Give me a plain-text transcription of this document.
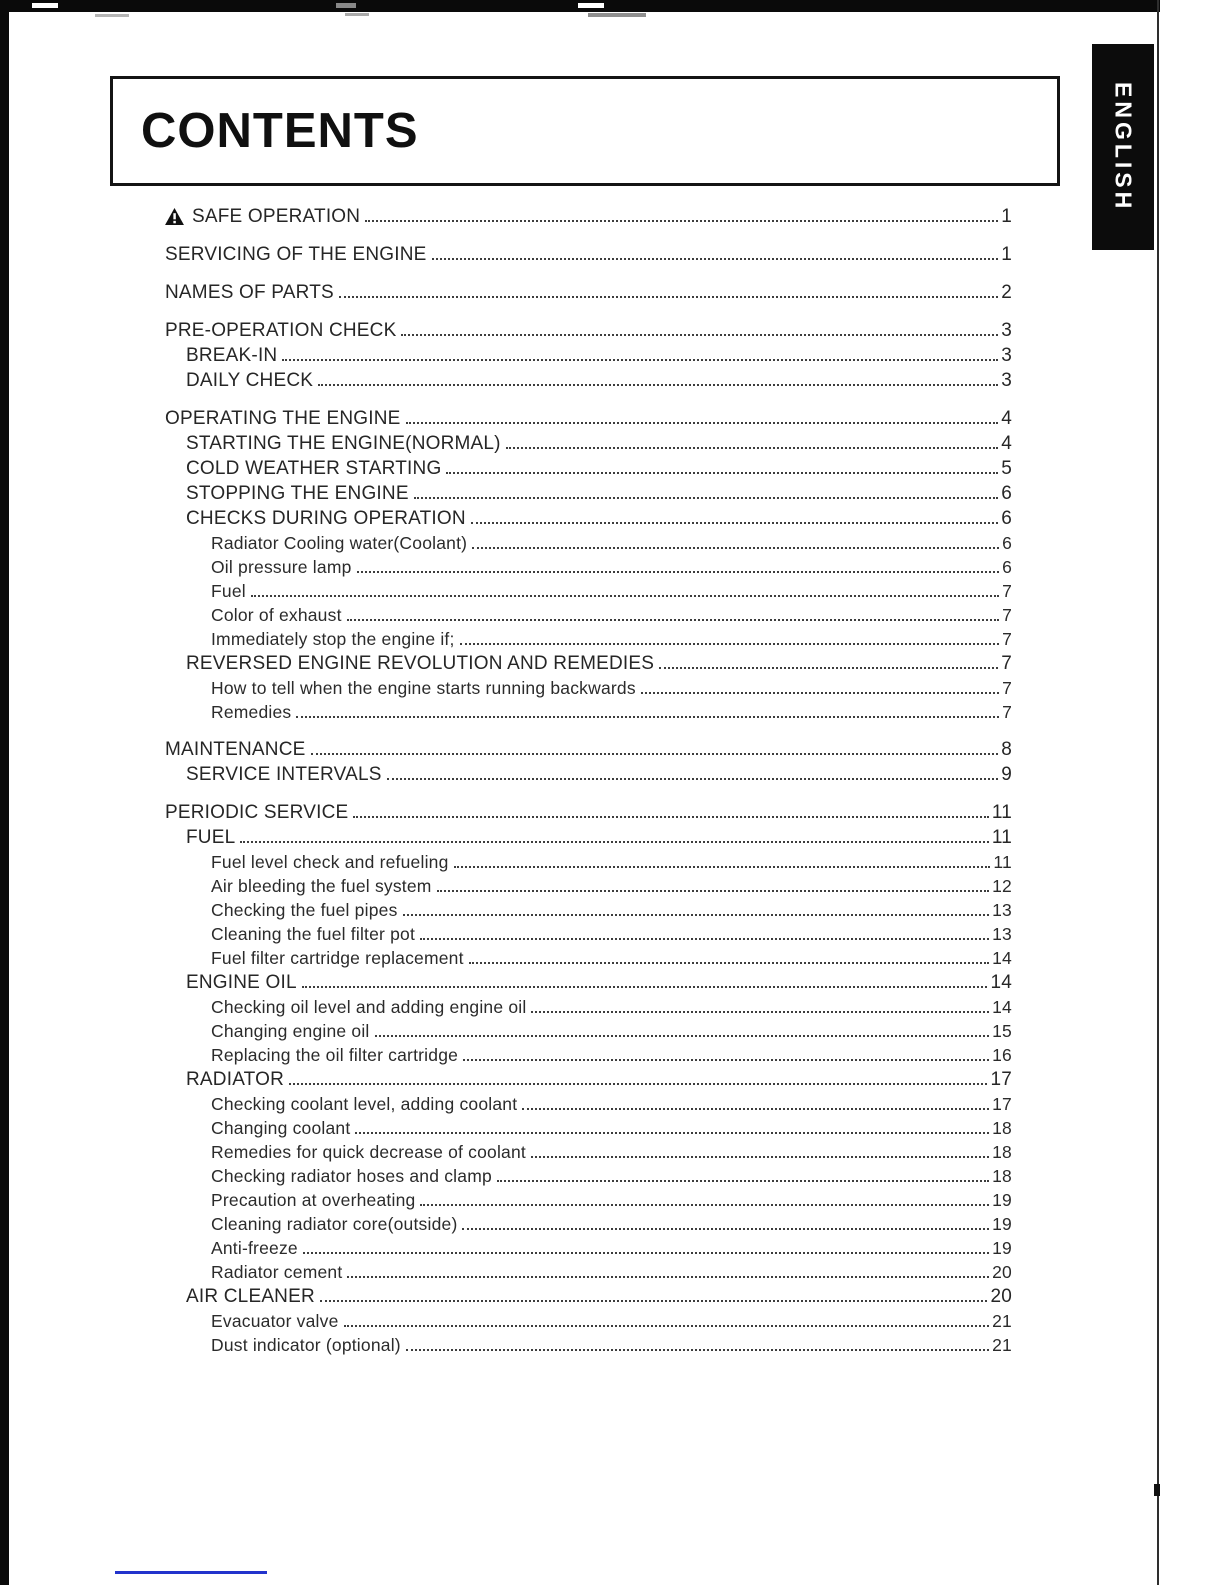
CONTENTS	ENGLISH
SAFE OPERATION	1
SERVICING OF THE ENGINE	1
NAMES OF PARTS	2
PRE-OPERATION CHECK	3
BREAK-IN	3
DAILY CHECK	3
OPERATING THE ENGINE	4
STARTING THE ENGINE(NORMAL)	4
COLD WEATHER STARTING	5
STOPPING THE ENGINE	6
CHECKS DURING OPERATION	6
Radiator Cooling water(Coolant)	6
Oil pressure lamp	6
Fuel	7
Color of exhaust	7
Immediately stop the engine if;	7
REVERSED ENGINE REVOLUTION AND REMEDIES	7
How to tell when the engine starts running backwards	7
Remedies	7
MAINTENANCE	8
SERVICE INTERVALS	9
PERIODIC SERVICE	11
FUEL	11
Fuel level check and refueling	11
Air bleeding the fuel system	12
Checking the fuel pipes	13
Cleaning the fuel filter pot	13
Fuel filter cartridge replacement	14
ENGINE OIL	14
Checking oil level and adding engine oil	14
Changing engine oil	15
Replacing the oil filter cartridge	16
RADIATOR	17
Checking coolant level, adding coolant	17
Changing coolant	18
Remedies for quick decrease of coolant	18
Checking radiator hoses and clamp	18
Precaution at overheating	19
Cleaning radiator core(outside)	19
Anti-freeze	19
Radiator cement	20
AIR CLEANER	20
Evacuator valve	21
Dust indicator (optional)	21
